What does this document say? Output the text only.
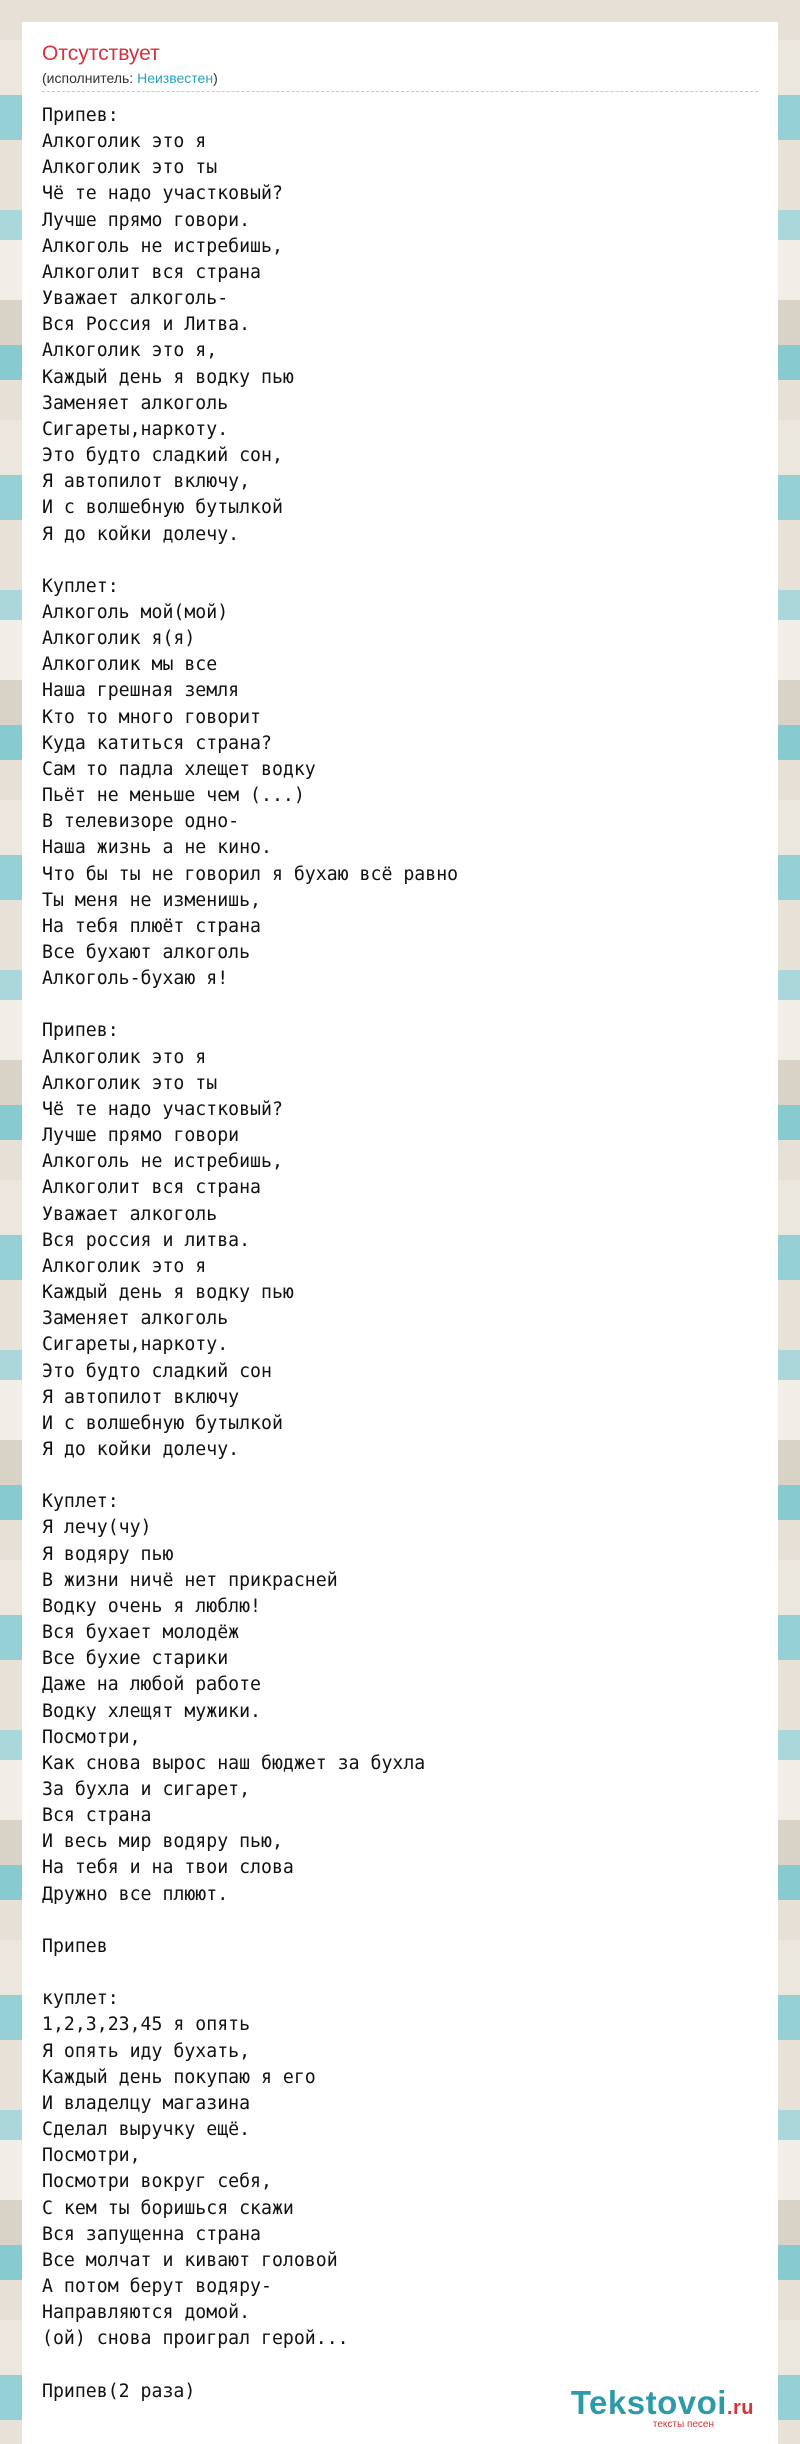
Отсутствует
(исполнитель: Неизвестен)
Припев:
Алкоголик это я
Алкоголик это ты
Чё те надо участковый?
Лучше прямо говори.
Алкоголь не истребишь,
Алкоголит вся страна
Уважает алкоголь-
Вся Россия и Литва.
Алкоголик это я,
Каждый день я водку пью
Заменяет алкоголь
Сигареты,наркоту.
Это будто сладкий сон,
Я автопилот включу,
И с волшебную бутылкой
Я до койки долечу.

Куплет:
Алкоголь мой(мой)
Алкоголик я(я)
Алкоголик мы все
Наша грешная земля
Кто то много говорит
Куда катиться страна?
Сам то падла хлещет водку
Пьёт не меньше чем (...)
В телевизоре одно-
Наша жизнь а не кино.
Что бы ты не говорил я бухаю всё равно
Ты меня не изменишь,
На тебя плюёт страна
Все бухают алкоголь
Алкоголь-бухаю я!

Припев:
Алкоголик это я
Алкоголик это ты
Чё те надо участковый?
Лучше прямо говори
Алкоголь не истребишь,
Алкоголит вся страна
Уважает алкоголь
Вся россия и литва.
Алкоголик это я
Каждый день я водку пью
Заменяет алкоголь
Сигареты,наркоту.
Это будто сладкий сон
Я автопилот включу
И с волшебную бутылкой
Я до койки долечу.

Куплет:
Я лечу(чу)
Я водяру пью
В жизни ничё нет прикрасней
Водку очень я люблю!
Вся бухает молодёж
Все бухие старики
Даже на любой работе
Водку хлещят мужики.
Посмотри,
Как снова вырос наш бюджет за бухла
За бухла и сигарет,
Вся страна
И весь мир водяру пью,
На тебя и на твои слова
Дружно все плюют.

Припев

куплет:
1,2,3,23,45 я опять
Я опять иду бухать,
Каждый день покупаю я его
И владелцу магазина
Сделал выручку ещё.
Посмотри,
Посмотри вокруг себя,
С кем ты боришься скажи
Вся запущенна страна
Все молчат и кивают головой
А потом берут водяру-
Направляются домой.
(ой) снова проиграл герой...

Припев(2 раза)	Tekstovoi.ru
тексты песен
